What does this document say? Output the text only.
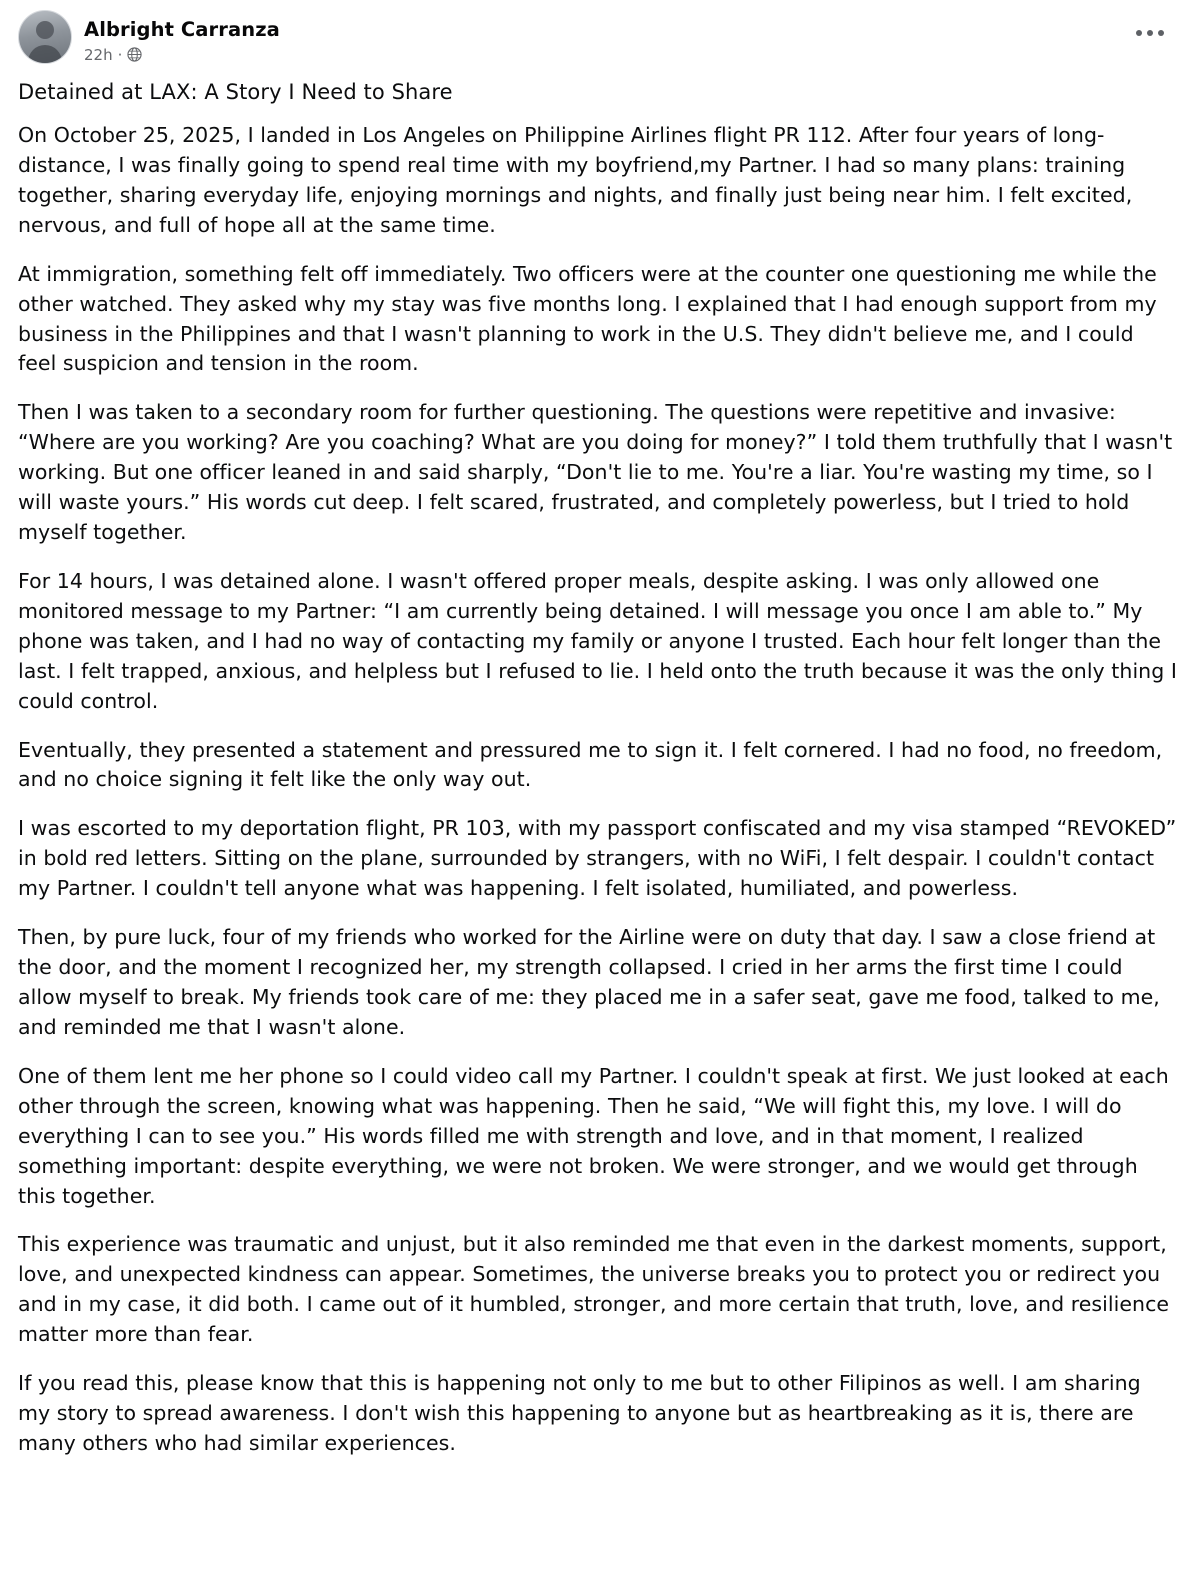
Albright Carranza
22h ·
Detained at LAX: A Story I Need to Share

On October 25, 2025, I landed in Los Angeles on Philippine Airlines flight PR 112. After four years of long-distance, I was finally going to spend real time with my boyfriend,my Partner. I had so many plans: training together, sharing everyday life, enjoying mornings and nights, and finally just being near him. I felt excited, nervous, and full of hope all at the same time.

At immigration, something felt off immediately. Two officers were at the counter one questioning me while the other watched. They asked why my stay was five months long. I explained that I had enough support from my business in the Philippines and that I wasn't planning to work in the U.S. They didn't believe me, and I could feel suspicion and tension in the room.

Then I was taken to a secondary room for further questioning. The questions were repetitive and invasive: “Where are you working? Are you coaching? What are you doing for money?” I told them truthfully that I wasn't working. But one officer leaned in and said sharply, “Don't lie to me. You're a liar. You're wasting my time, so I will waste yours.” His words cut deep. I felt scared, frustrated, and completely powerless, but I tried to hold myself together.

For 14 hours, I was detained alone. I wasn't offered proper meals, despite asking. I was only allowed one monitored message to my Partner: “I am currently being detained. I will message you once I am able to.” My phone was taken, and I had no way of contacting my family or anyone I trusted. Each hour felt longer than the last. I felt trapped, anxious, and helpless but I refused to lie. I held onto the truth because it was the only thing I could control.

Eventually, they presented a statement and pressured me to sign it. I felt cornered. I had no food, no freedom, and no choice signing it felt like the only way out.

I was escorted to my deportation flight, PR 103, with my passport confiscated and my visa stamped “REVOKED” in bold red letters. Sitting on the plane, surrounded by strangers, with no WiFi, I felt despair. I couldn't contact my Partner. I couldn't tell anyone what was happening. I felt isolated, humiliated, and powerless.

Then, by pure luck, four of my friends who worked for the Airline were on duty that day. I saw a close friend at the door, and the moment I recognized her, my strength collapsed. I cried in her arms the first time I could allow myself to break. My friends took care of me: they placed me in a safer seat, gave me food, talked to me, and reminded me that I wasn't alone.

One of them lent me her phone so I could video call my Partner. I couldn't speak at first. We just looked at each other through the screen, knowing what was happening. Then he said, “We will fight this, my love. I will do everything I can to see you.” His words filled me with strength and love, and in that moment, I realized something important: despite everything, we were not broken. We were stronger, and we would get through this together.

This experience was traumatic and unjust, but it also reminded me that even in the darkest moments, support, love, and unexpected kindness can appear. Sometimes, the universe breaks you to protect you or redirect you and in my case, it did both. I came out of it humbled, stronger, and more certain that truth, love, and resilience matter more than fear.

If you read this, please know that this is happening not only to me but to other Filipinos as well. I am sharing my story to spread awareness. I don't wish this happening to anyone but as heartbreaking as it is, there are many others who had similar experiences.
